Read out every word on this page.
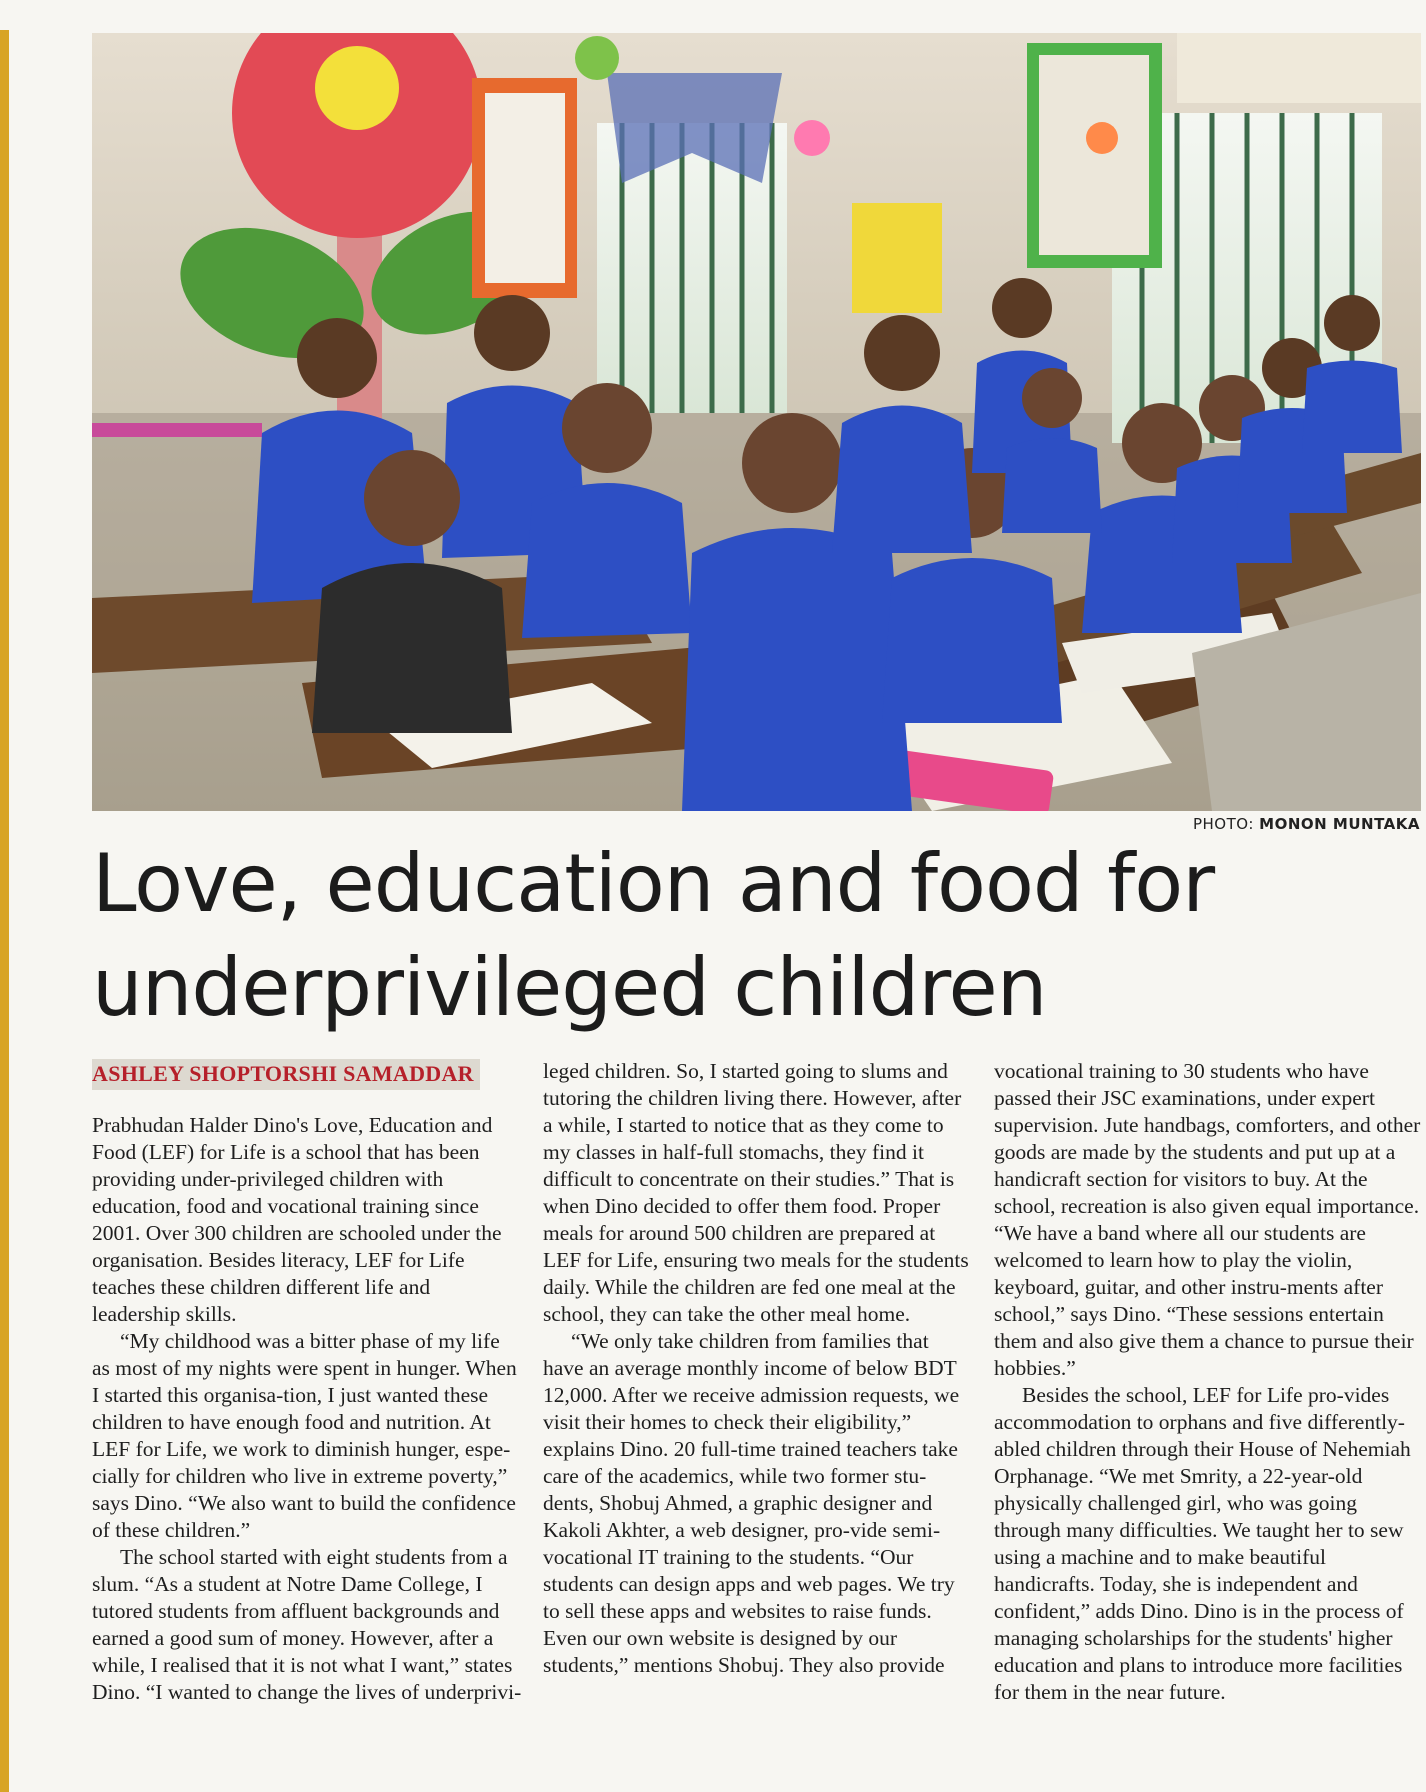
PHOTO: MONON MUNTAKA
Love, education and food for
underprivileged children
ASHLEY SHOPTORSHI SAMADDAR

Prabhudan Halder Dino's Love, Education and Food (LEF) for Life is a school that has been providing under-privileged children with education, food and vocational training since 2001. Over 300 children are schooled under the organisation. Besides literacy, LEF for Life teaches these children different life and leadership skills.

“My childhood was a bitter phase of my life as most of my nights were spent in hunger. When I started this organisa-tion, I just wanted these children to have enough food and nutrition. At LEF for Life, we work to diminish hunger, espe-cially for children who live in extreme poverty,” says Dino. “We also want to build the confidence of these children.”

The school started with eight students from a slum. “As a student at Notre Dame College, I tutored students from affluent backgrounds and earned a good sum of money. However, after a while, I realised that it is not what I want,” states Dino. “I wanted to change the lives of underprivi-

leged children. So, I started going to slums and tutoring the children living there. However, after a while, I started to notice that as they come to my classes in half-full stomachs, they find it difficult to concentrate on their studies.” That is when Dino decided to offer them food. Proper meals for around 500 children are prepared at LEF for Life, ensuring two meals for the students daily. While the children are fed one meal at the school, they can take the other meal home.

“We only take children from families that have an average monthly income of below BDT 12,000. After we receive admission requests, we visit their homes to check their eligibility,” explains Dino. 20 full-time trained teachers take care of the academics, while two former stu-dents, Shobuj Ahmed, a graphic designer and Kakoli Akhter, a web designer, pro-vide semi-vocational IT training to the students. “Our students can design apps and web pages. We try to sell these apps and websites to raise funds. Even our own website is designed by our students,” mentions Shobuj. They also provide

vocational training to 30 students who have passed their JSC examinations, under expert supervision. Jute handbags, comforters, and other goods are made by the students and put up at a handicraft section for visitors to buy. At the school, recreation is also given equal importance. “We have a band where all our students are welcomed to learn how to play the violin, keyboard, guitar, and other instru-ments after school,” says Dino. “These sessions entertain them and also give them a chance to pursue their hobbies.”

Besides the school, LEF for Life pro-vides accommodation to orphans and five differently-abled children through their House of Nehemiah Orphanage. “We met Smrity, a 22-year-old physically challenged girl, who was going through many difficulties. We taught her to sew using a machine and to make beautiful handicrafts. Today, she is independent and confident,” adds Dino. Dino is in the process of managing scholarships for the students' higher education and plans to introduce more facilities for them in the near future.
